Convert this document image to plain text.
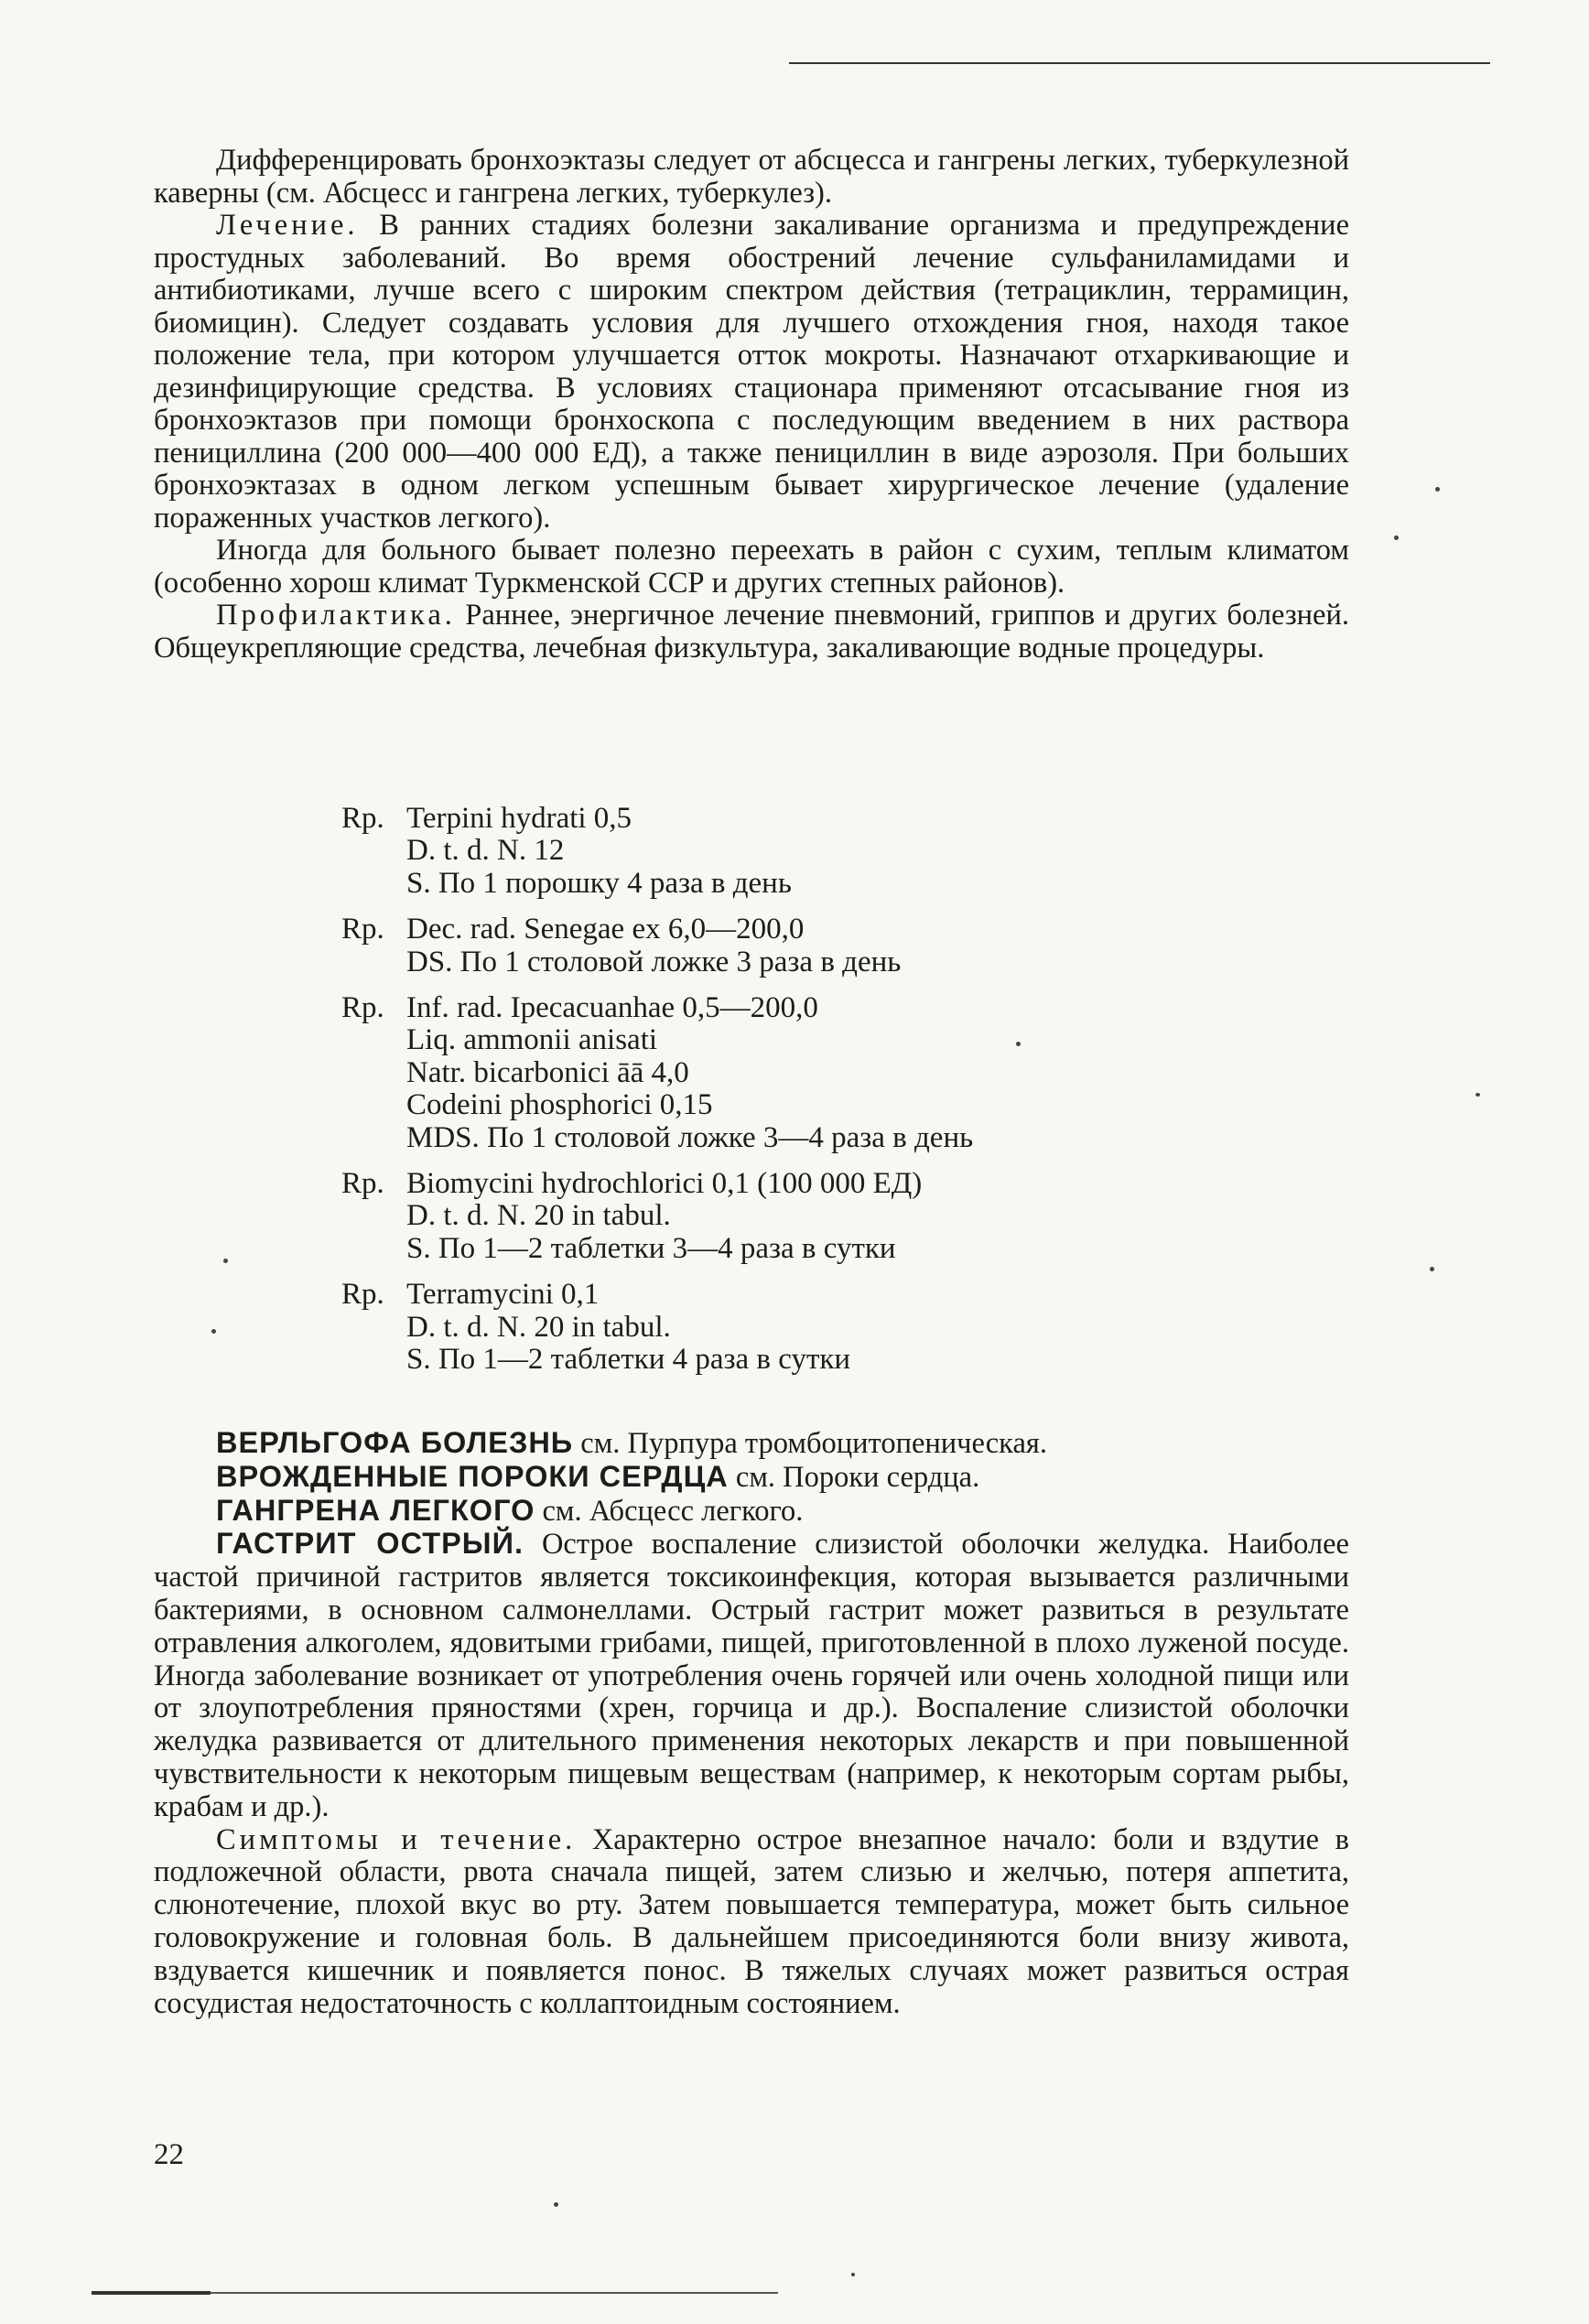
Дифференцировать бронхоэктазы следует от абсцесса и гангрены легких, туберкулезной каверны (см. Абсцесс и гангрена легких, туберкулез).

Лечение. В ранних стадиях болезни закаливание организма и предупреждение простудных заболеваний. Во время обострений лечение сульфаниламидами и антибиотиками, лучше всего с широким спектром действия (тетрациклин, террамицин, биомицин). Следует создавать условия для лучшего отхождения гноя, находя такое положение тела, при котором улучшается отток мокроты. Назначают отхаркивающие и дезинфицирующие средства. В условиях стационара применяют отсасывание гноя из бронхоэктазов при помощи бронхоскопа с последующим введением в них раствора пенициллина (200 000—400 000 ЕД), а также пенициллин в виде аэрозоля. При больших бронхоэктазах в одном легком успешным бывает хирургическое лечение (удаление пораженных участков легкого).

Иногда для больного бывает полезно переехать в район с сухим, теплым климатом (особенно хорош климат Туркменской ССР и других степных районов).

Профилактика. Раннее, энергичное лечение пневмоний, гриппов и других болезней. Общеукрепляющие средства, лечебная физкультура, закаливающие водные процедуры.

Rp. Terpini hydrati 0,5
D. t. d. N. 12
S. По 1 порошку 4 раза в день
Rp. Dec. rad. Senegae ex 6,0—200,0
DS. По 1 столовой ложке 3 раза в день
Rp. Inf. rad. Ipecacuanhae 0,5—200,0
Liq. ammonii anisati
Natr. bicarbonici āā 4,0
Codeini phosphorici 0,15
MDS. По 1 столовой ложке 3—4 раза в день
Rp. Biomycini hydrochlorici 0,1 (100 000 ЕД)
D. t. d. N. 20 in tabul.
S. По 1—2 таблетки 3—4 раза в сутки
Rp. Terramycini 0,1
D. t. d. N. 20 in tabul.
S. По 1—2 таблетки 4 раза в сутки
ВЕРЛЬГОФА БОЛЕЗНЬ см. Пурпура тромбоцитопеническая.
ВРОЖДЕННЫЕ ПОРОКИ СЕРДЦА см. Пороки сердца.
ГАНГРЕНА ЛЕГКОГО см. Абсцесс легкого.

ГАСТРИТ ОСТРЫЙ. Острое воспаление слизистой оболочки желудка. Наиболее частой причиной гастритов является токсикоинфекция, которая вызывается различными бактериями, в основном салмонеллами. Острый гастрит может развиться в результате отравления алкоголем, ядовитыми грибами, пищей, приготовленной в плохо луженой посуде. Иногда заболевание возникает от употребления очень горячей или очень холодной пищи или от злоупотребления пряностями (хрен, горчица и др.). Воспаление слизистой оболочки желудка развивается от длительного применения некоторых лекарств и при повышенной чувствительности к некоторым пищевым веществам (например, к некоторым сортам рыбы, крабам и др.).

Симптомы и течение. Характерно острое внезапное начало: боли и вздутие в подложечной области, рвота сначала пищей, затем слизью и желчью, потеря аппетита, слюнотечение, плохой вкус во рту. Затем повышается температура, может быть сильное головокружение и головная боль. В дальнейшем присоединяются боли внизу живота, вздувается кишечник и появляется понос. В тяжелых случаях может развиться острая сосудистая недостаточность с коллаптоидным состоянием.

22
